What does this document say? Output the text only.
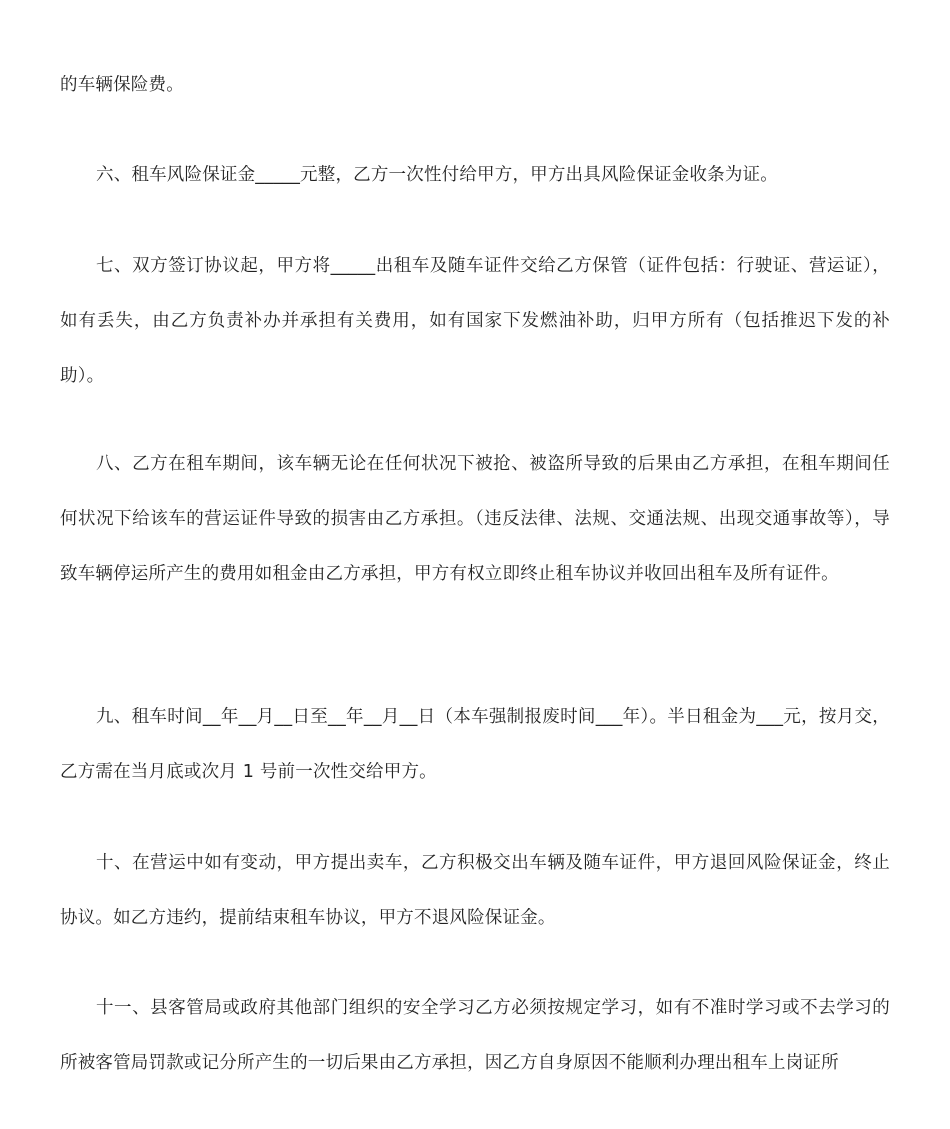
的车辆保险费。

六、租车风险保证金_____元整，乙方一次性付给甲方，甲方出具风险保证金收条为证。

七、双方签订协议起，甲方将_____出租车及随车证件交给乙方保管（证件包括：行驶证、营运证），如有丢失，由乙方负责补办并承担有关费用，如有国家下发燃油补助，归甲方所有（包括推迟下发的补助）。

八、乙方在租车期间，该车辆无论在任何状况下被抢、被盗所导致的后果由乙方承担，在租车期间任何状况下给该车的营运证件导致的损害由乙方承担。（违反法律、法规、交通法规、出现交通事故等），导致车辆停运所产生的费用如租金由乙方承担，甲方有权立即终止租车协议并收回出租车及所有证件。

九、租车时间__年__月__日至__年__月__日（本车强制报废时间___年）。半日租金为___元，按月交，乙方需在当月底或次月 1 号前一次性交给甲方。

十、在营运中如有变动，甲方提出卖车，乙方积极交出车辆及随车证件，甲方退回风险保证金，终止协议。如乙方违约，提前结束租车协议，甲方不退风险保证金。

十一、县客管局或政府其他部门组织的安全学习乙方必须按规定学习，如有不准时学习或不去学习的所被客管局罚款或记分所产生的一切后果由乙方承担，因乙方自身原因不能顺利办理出租车上岗证所
